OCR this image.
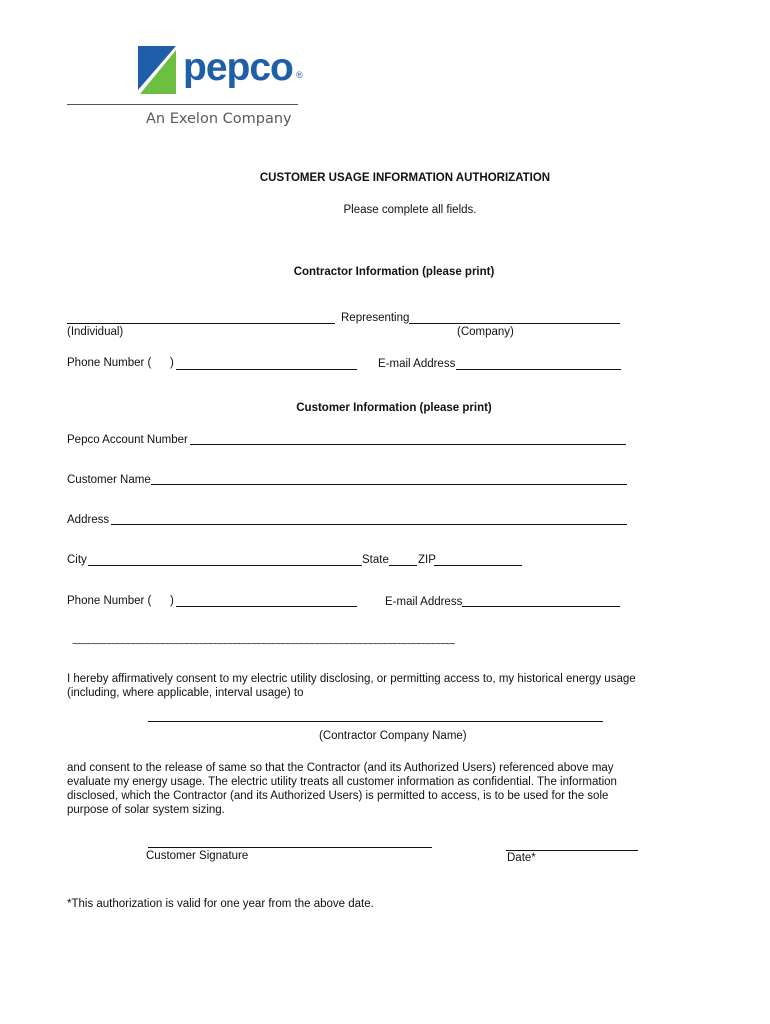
pepco ®
An Exelon Company
CUSTOMER USAGE INFORMATION AUTHORIZATION
Please complete all fields.
Contractor Information (please print)
Representing
(Individual)	(Company)
Phone Number ( )	E-mail Address
Customer Information (please print)
Pepco Account Number
Customer Name
Address
City	State	ZIP
Phone Number ( )	E-mail Address
~~~~~~~~~~~~~~~~~~~~~~~~~~~~~~~~~~~~~~~~~~~~~~~~~~~~~~~~~~~~~~~~~~~~~~~~~~~~~~~
I hereby affirmatively consent to my electric utility disclosing, or permitting access to, my historical energy usage
(including, where applicable, interval usage) to
(Contractor Company Name)
and consent to the release of same so that the Contractor (and its Authorized Users) referenced above may
evaluate my energy usage. The electric utility treats all customer information as confidential. The information
disclosed, which the Contractor (and its Authorized Users) is permitted to access, is to be used for the sole
purpose of solar system sizing.
Customer Signature	Date*
*This authorization is valid for one year from the above date.
